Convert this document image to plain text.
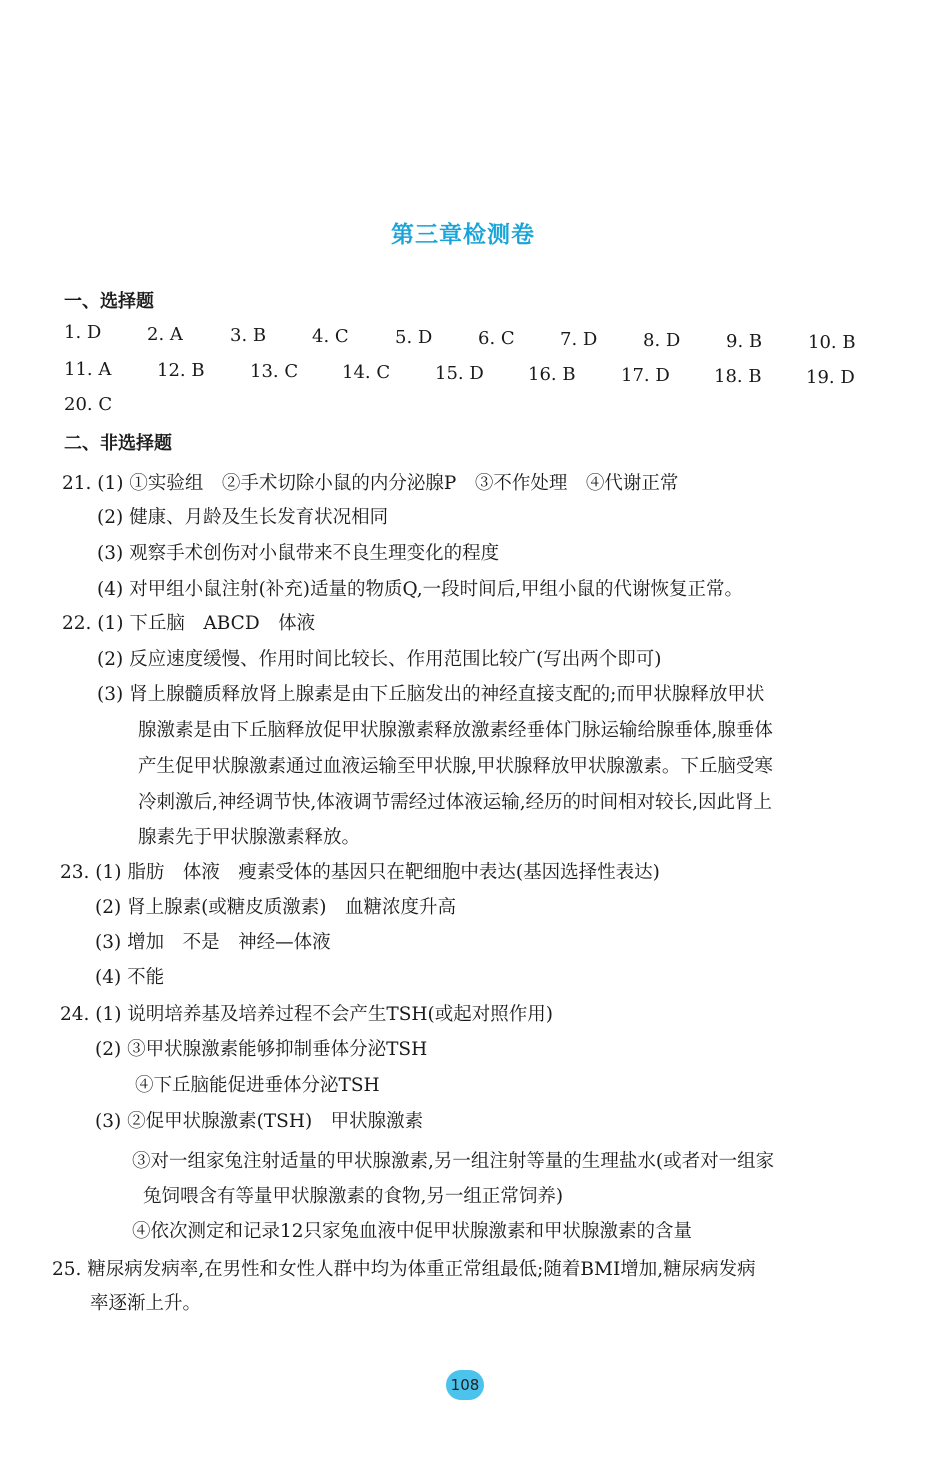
第三章检测卷
一、选择题
1. D	2. A	3. B	4. C	5. D	6. C	7. D	8. D	9. B	10. B
11. A	12. B	13. C 14. C 15. D 16. B	17. D 18. B 19. D
20. C
二、非选择题
21. (1) ①实验组　②手术切除小鼠的内分泌腺P　③不作处理　④代谢正常
(2) 健康、月龄及生长发育状况相同
(3) 观察手术创伤对小鼠带来不良生理变化的程度
(4) 对甲组小鼠注射(补充)适量的物质Q,一段时间后,甲组小鼠的代谢恢复正常。
22. (1) 下丘脑　ABCD　体液
(2) 反应速度缓慢、作用时间比较长、作用范围比较广(写出两个即可)
(3) 肾上腺髓质释放肾上腺素是由下丘脑发出的神经直接支配的;而甲状腺释放甲状
腺激素是由下丘脑释放促甲状腺激素释放激素经垂体门脉运输给腺垂体,腺垂体
产生促甲状腺激素通过血液运输至甲状腺,甲状腺释放甲状腺激素。下丘脑受寒
冷刺激后,神经调节快,体液调节需经过体液运输,经历的时间相对较长,因此肾上
腺素先于甲状腺激素释放。
23. (1) 脂肪　体液　瘦素受体的基因只在靶细胞中表达(基因选择性表达)
(2) 肾上腺素(或糖皮质激素)　血糖浓度升高
(3) 增加　不是　神经—体液
(4) 不能
24. (1) 说明培养基及培养过程不会产生TSH(或起对照作用)
(2) ③甲状腺激素能够抑制垂体分泌TSH
④下丘脑能促进垂体分泌TSH
(3) ②促甲状腺激素(TSH)　甲状腺激素
③对一组家兔注射适量的甲状腺激素,另一组注射等量的生理盐水(或者对一组家
兔饲喂含有等量甲状腺激素的食物,另一组正常饲养)
④依次测定和记录12只家兔血液中促甲状腺激素和甲状腺激素的含量
25. 糖尿病发病率,在男性和女性人群中均为体重正常组最低;随着BMI增加,糖尿病发病
率逐渐上升。
108
